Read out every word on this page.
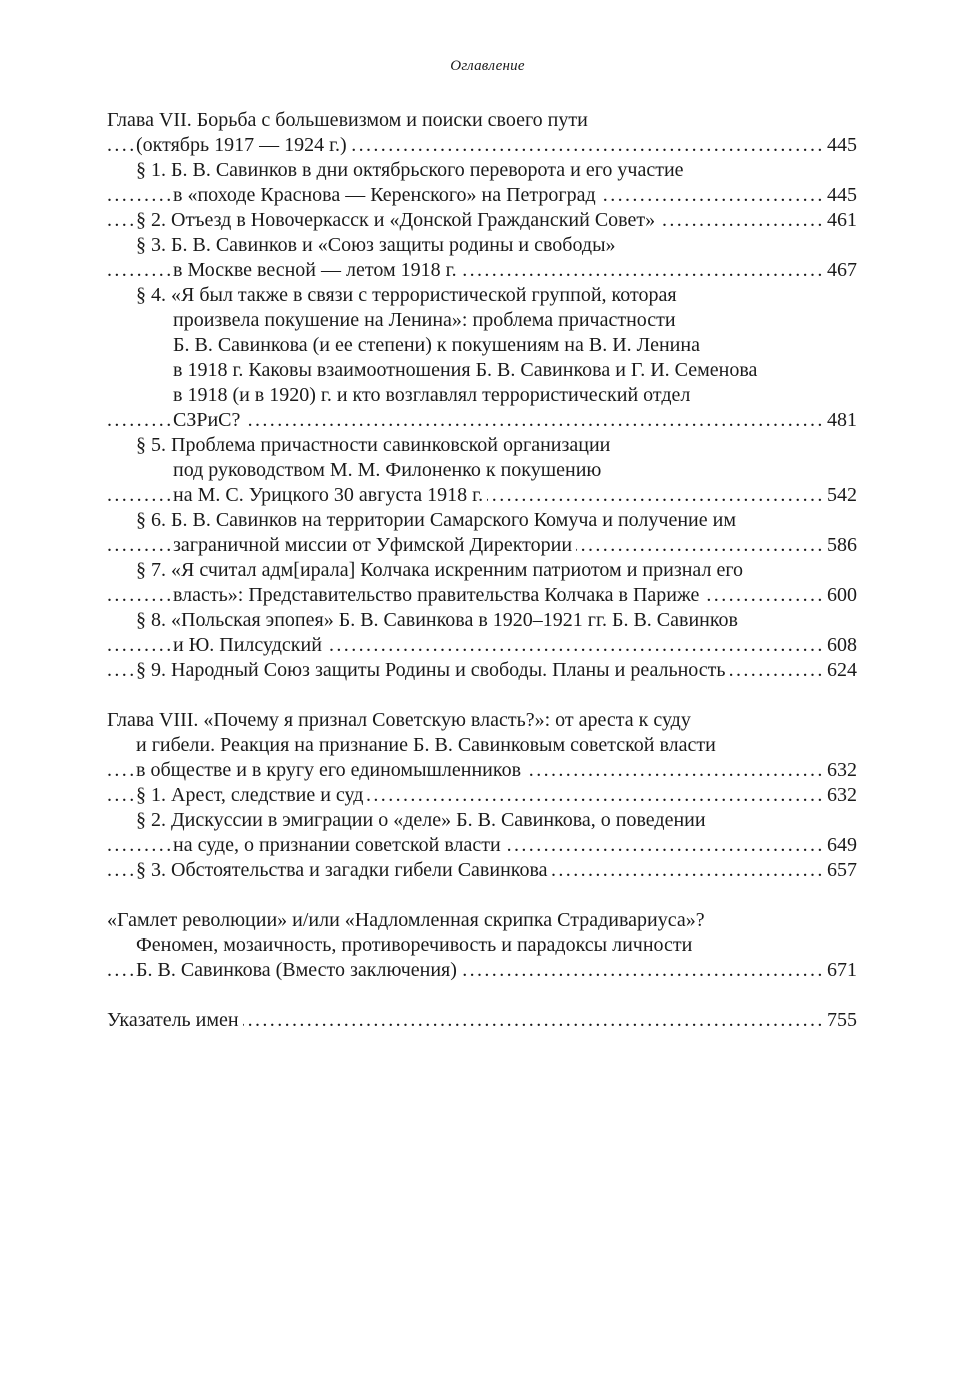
Оглавление
Глава VII. Борьба с большевизмом и поиски своего пути
(октябрь 1917 — 1924 г.)	445
. . .
§ 1. Б. В. Савинков в дни октябрьского переворота и его участие
в «походе Краснова — Керенского» на Петроград	445
. . .
§ 2. Отъезд в Новочеркасск и «Донской Гражданский Совет»	461
. . .
§ 3. Б. В. Савинков и «Союз защиты родины и свободы»
в Москве весной — летом 1918 г.	467
. . .
§ 4. «Я был также в связи с террористической группой, которая
произвела покушение на Ленина»: проблема причастности
Б. В. Савинкова (и ее степени) к покушениям на В. И. Ленина
в 1918 г. Каковы взаимоотношения Б. В. Савинкова и Г. И. Семенова
в 1918 (и в 1920) г. и кто возглавлял террористический отдел
СЗРиС?	481
. . .
§ 5. Проблема причастности савинковской организации
под руководством М. М. Филоненко к покушению
на М. С. Урицкого 30 августа 1918 г.	542
. . .
§ 6. Б. В. Савинков на территории Самарского Комуча и получение им
заграничной миссии от Уфимской Директории	586
. . .
§ 7. «Я считал адм[ирала] Колчака искренним патриотом и признал его
власть»: Представительство правительства Колчака в Париже	600
. . .
§ 8. «Польская эпопея» Б. В. Савинкова в 1920–1921 гг. Б. В. Савинков
и Ю. Пилсудский	608
. . .
§ 9. Народный Союз защиты Родины и свободы. Планы и реальность	624
. . .
Глава VIII. «Почему я признал Советскую власть?»: от ареста к суду
и гибели. Реакция на признание Б. В. Савинковым советской власти
в обществе и в кругу его единомышленников	632
. . .
§ 1. Арест, следствие и суд	632
. . .
§ 2. Дискуссии в эмиграции о «деле» Б. В. Савинкова, о поведении
на суде, о признании советской власти	649
. . .
§ 3. Обстоятельства и загадки гибели Савинкова	657
. . .
«Гамлет революции» и/или «Надломленная скрипка Страдивариуса»?
Феномен, мозаичность, противоречивость и парадоксы личности
Б. В. Савинкова (Вместо заключения)	671
. . .
Указатель имен	755
. . .
